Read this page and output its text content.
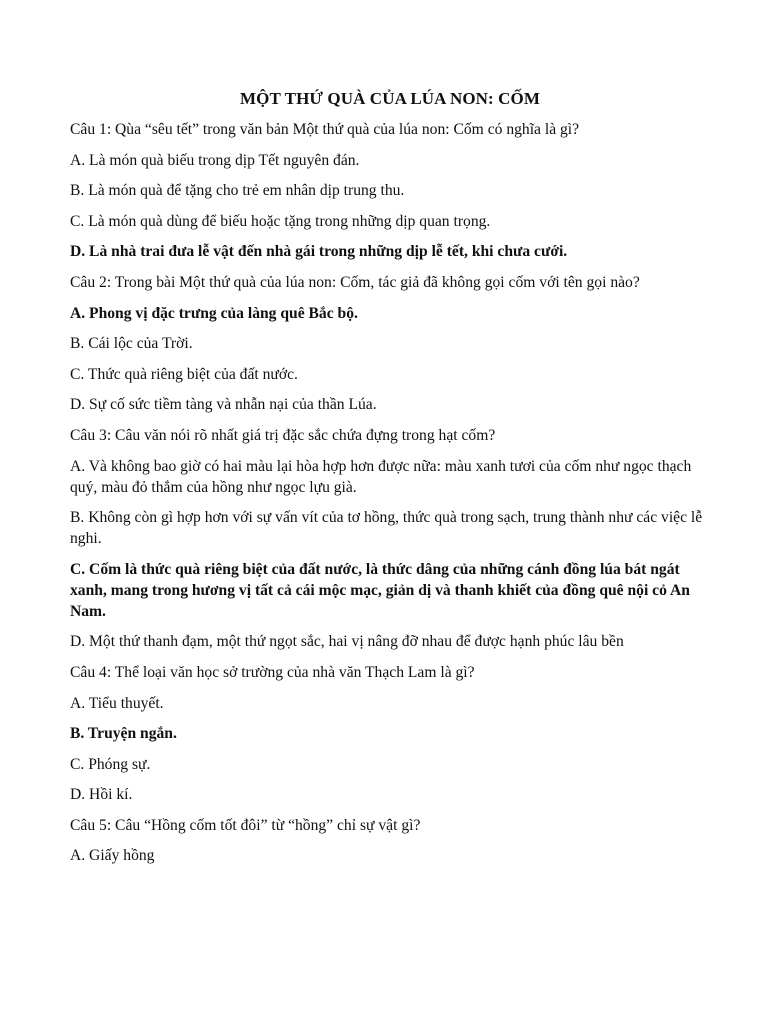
MỘT THỨ QUÀ CỦA LÚA NON: CỐM

Câu 1: Qùa “sêu tết” trong văn bản Một thứ quà của lúa non: Cốm có nghĩa là gì?

A. Là món quà biếu trong dịp Tết nguyên đán.

B. Là món quà để tặng cho trẻ em nhân dịp trung thu.

C. Là món quà dùng để biếu hoặc tặng trong những dịp quan trọng.

D. Là nhà trai đưa lễ vật đến nhà gái trong những dịp lễ tết, khi chưa cưới.

Câu 2: Trong bài Một thứ quà của lúa non: Cốm, tác giả đã không gọi cốm với tên gọi nào?

A. Phong vị đặc trưng của làng quê Bắc bộ.

B. Cái lộc của Trời.

C. Thức quà riêng biệt của đất nước.

D. Sự cố sức tiềm tàng và nhẫn nại của thần Lúa.

Câu 3: Câu văn nói rõ nhất giá trị đặc sắc chứa đựng trong hạt cốm?

A. Và không bao giờ có hai màu lại hòa hợp hơn được nữa: màu xanh tươi của cốm như ngọc thạch quý, màu đỏ thắm của hồng như ngọc lựu già.

B. Không còn gì hợp hơn với sự vấn vít của tơ hồng, thức quà trong sạch, trung thành như các việc lễ nghi.

C. Cốm là thức quà riêng biệt của đất nước, là thức dâng của những cánh đồng lúa bát ngát xanh, mang trong hương vị tất cả cái mộc mạc, giản dị và thanh khiết của đồng quê nội cỏ An Nam.

D. Một thứ thanh đạm, một thứ ngọt sắc, hai vị nâng đỡ nhau để được hạnh phúc lâu bền

Câu 4: Thể loại văn học sở trường của nhà văn Thạch Lam là gì?

A. Tiểu thuyết.

B. Truyện ngắn.

C. Phóng sự.

D. Hồi kí.

Câu 5: Câu “Hồng cốm tốt đôi” từ “hồng” chỉ sự vật gì?

A. Giấy hồng
